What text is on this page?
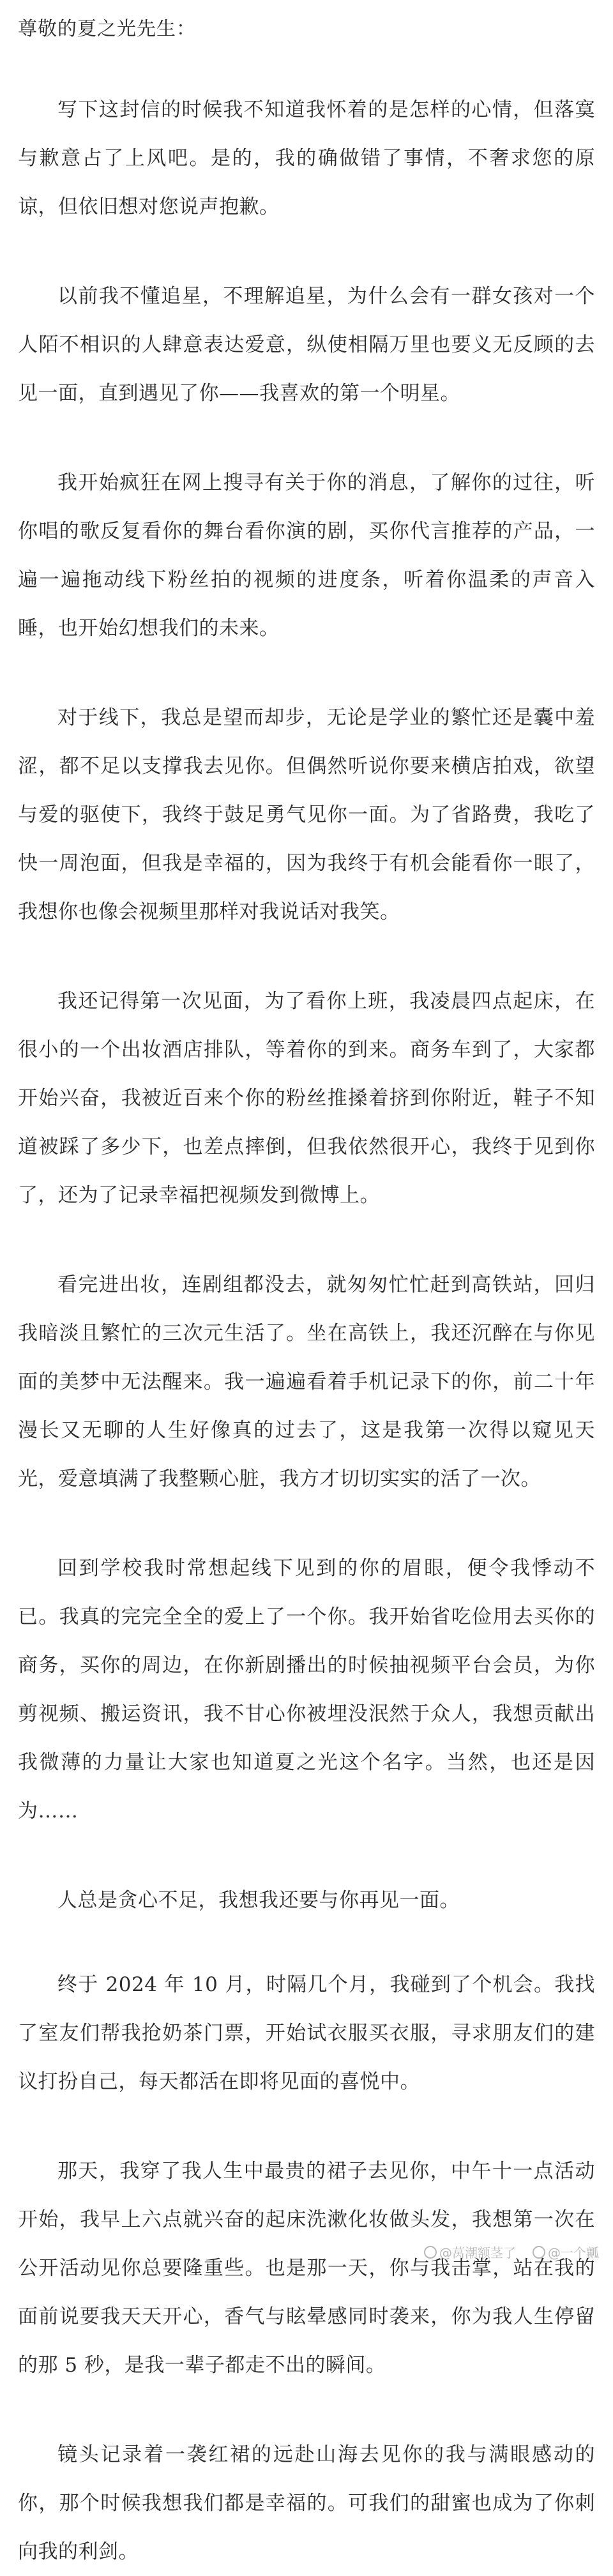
尊敬的夏之光先生：

写下这封信的时候我不知道我怀着的是怎样的心情，但落寞与歉意占了上风吧。是的，我的确做错了事情，不奢求您的原谅，但依旧想对您说声抱歉。

以前我不懂追星，不理解追星，为什么会有一群女孩对一个人陌不相识的人肆意表达爱意，纵使相隔万里也要义无反顾的去见一面，直到遇见了你——我喜欢的第一个明星。

我开始疯狂在网上搜寻有关于你的消息，了解你的过往，听你唱的歌反复看你的舞台看你演的剧，买你代言推荐的产品，一遍一遍拖动线下粉丝拍的视频的进度条，听着你温柔的声音入睡，也开始幻想我们的未来。

对于线下，我总是望而却步，无论是学业的繁忙还是囊中羞涩，都不足以支撑我去见你。但偶然听说你要来横店拍戏，欲望与爱的驱使下，我终于鼓足勇气见你一面。为了省路费，我吃了快一周泡面，但我是幸福的，因为我终于有机会能看你一眼了，我想你也像会视频里那样对我说话对我笑。

我还记得第一次见面，为了看你上班，我凌晨四点起床，在很小的一个出妆酒店排队，等着你的到来。商务车到了，大家都开始兴奋，我被近百来个你的粉丝推搡着挤到你附近，鞋子不知道被踩了多少下，也差点摔倒，但我依然很开心，我终于见到你了，还为了记录幸福把视频发到微博上。

看完进出妆，连剧组都没去，就匆匆忙忙赶到高铁站，回归我暗淡且繁忙的三次元生活了。坐在高铁上，我还沉醉在与你见面的美梦中无法醒来。我一遍遍看着手机记录下的你，前二十年漫长又无聊的人生好像真的过去了，这是我第一次得以窥见天光，爱意填满了我整颗心脏，我方才切切实实的活了一次。

回到学校我时常想起线下见到的你的眉眼，便令我悸动不已。我真的完完全全的爱上了一个你。我开始省吃俭用去买你的商务，买你的周边，在你新剧播出的时候抽视频平台会员，为你剪视频、搬运资讯，我不甘心你被埋没泯然于众人，我想贡献出我微薄的力量让大家也知道夏之光这个名字。当然，也还是因为……

人总是贪心不足，我想我还要与你再见一面。

终于 2024 年 10 月，时隔几个月，我碰到了个机会。我找了室友们帮我抢奶茶门票，开始试衣服买衣服，寻求朋友们的建议打扮自己，每天都活在即将见面的喜悦中。

那天，我穿了我人生中最贵的裙子去见你，中午十一点活动开始，我早上六点就兴奋的起床洗漱化妆做头发，我想第一次在公开活动见你总要隆重些。也是那一天，你与我击掌，站在我的面前说要我天天开心，香气与眩晕感同时袭来，你为我人生停留的那 5 秒，是我一辈子都走不出的瞬间。

镜头记录着一袭红裙的远赴山海去见你的我与满眼感动的你，那个时候我想我们都是幸福的。可我们的甜蜜也成为了你刺向我的利剑。

@莴潮额茎了	@一个瓤
